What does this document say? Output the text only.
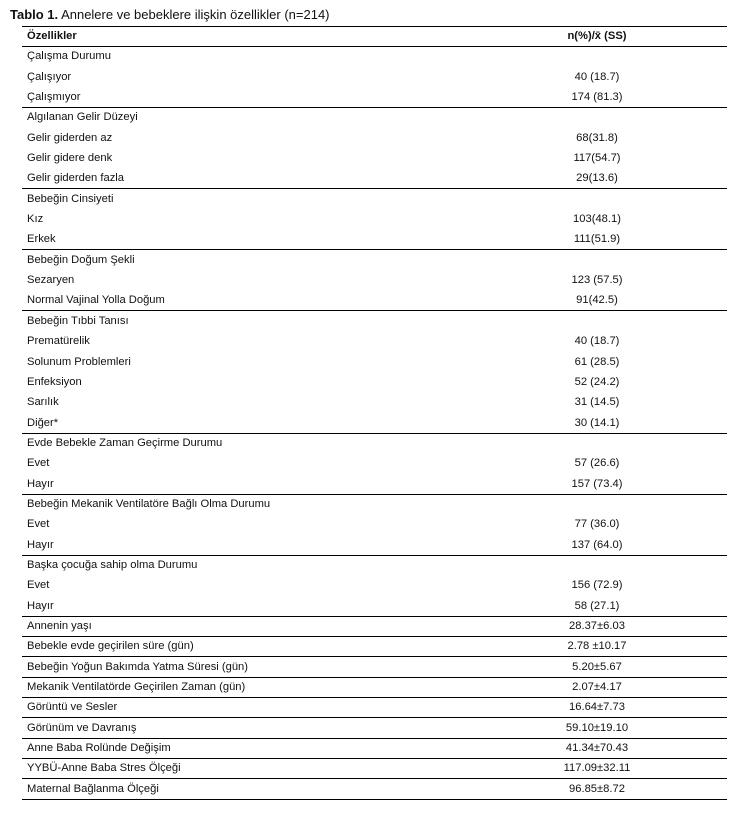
Tablo 1. Annelere ve bebeklere ilişkin özellikler (n=214)
Özellikler	n(%)/x̄ (SS)
Çalışma Durumu
Çalışıyor	40 (18.7)
Çalışmıyor	174 (81.3)
Algılanan Gelir Düzeyi
Gelir giderden az	68(31.8)
Gelir gidere denk	117(54.7)
Gelir giderden fazla	29(13.6)
Bebeğin Cinsiyeti
Kız	103(48.1)
Erkek	111(51.9)
Bebeğin Doğum Şekli
Sezaryen	123 (57.5)
Normal Vajinal Yolla Doğum	91(42.5)
Bebeğin Tıbbi Tanısı
Prematürelik	40 (18.7)
Solunum Problemleri	61 (28.5)
Enfeksiyon	52 (24.2)
Sarılık	31 (14.5)
Diğer*	30 (14.1)
Evde Bebekle Zaman Geçirme Durumu
Evet	57 (26.6)
Hayır	157 (73.4)
Bebeğin Mekanik Ventilatöre Bağlı Olma Durumu
Evet	77 (36.0)
Hayır	137 (64.0)
Başka çocuğa sahip olma Durumu
Evet	156 (72.9)
Hayır	58 (27.1)
Annenin yaşı	28.37±6.03
Bebekle evde geçirilen süre (gün)	2.78 ±10.17
Bebeğin Yoğun Bakımda Yatma Süresi (gün)	5.20±5.67
Mekanik Ventilatörde Geçirilen Zaman (gün)	2.07±4.17
Görüntü ve Sesler	16.64±7.73
Görünüm ve Davranış	59.10±19.10
Anne Baba Rolünde Değişim	41.34±70.43
YYBÜ-Anne Baba Stres Ölçeği	117.09±32.11
Maternal Bağlanma Ölçeği	96.85±8.72
